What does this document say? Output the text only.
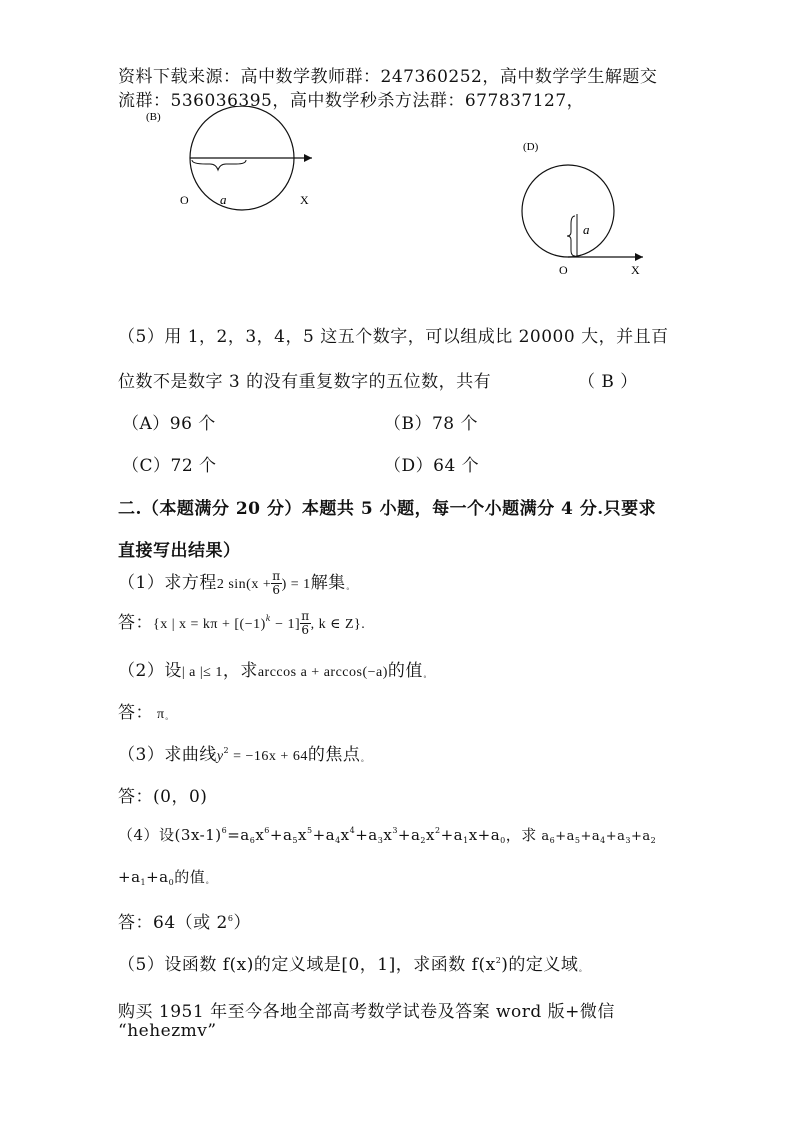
资料下载来源：高中数学教师群：247360252，高中数学学生解题交
流群：536036395，高中数学秒杀方法群：677837127，
(B)
O a	X
(D)
a
O	X
（5）用 1，2，3，4，5 这五个数字，可以组成比 20000 大，并且百
位数不是数字 3 的没有重复数字的五位数，共有	（ B ）
（A）96 个	（B）78 个
（C）72 个	（D）64 个
二.（本题满分 20 分）本题共 5 小题，每一个小题满分 4 分.只要求
直接写出结果）
（1）求方程2 $\sin(x + \frac{\pi}{6}$ ) = 1解集˳
答：{x | $x = k\pi + [(-1)^k - 1] \frac{\pi}{6}$ , k ∈ Z}.
（2）设| a |≤ 1，求arccos a + arccos(−a)的值˳
答： π˳
（3）求曲线$y^2 = -16x + 64$的焦点˳
答：(0，0)
（4）设$(3x-1)^6=a_6x^6+a_5x^5+a_4x^4+a_3x^3+a_2x^2+a_1x+a_0$，求 $a_6+a_5+a_4+a_3+a_2$
$+a_1+a_0$的值˳
答：64（或 $2^6$）
（5）设函数 f(x)的定义域是[0，1]，求函数 $f(x^2)$的定义域˳
购买 1951 年至今各地全部高考数学试卷及答案 word 版+微信
“hehezmv”
